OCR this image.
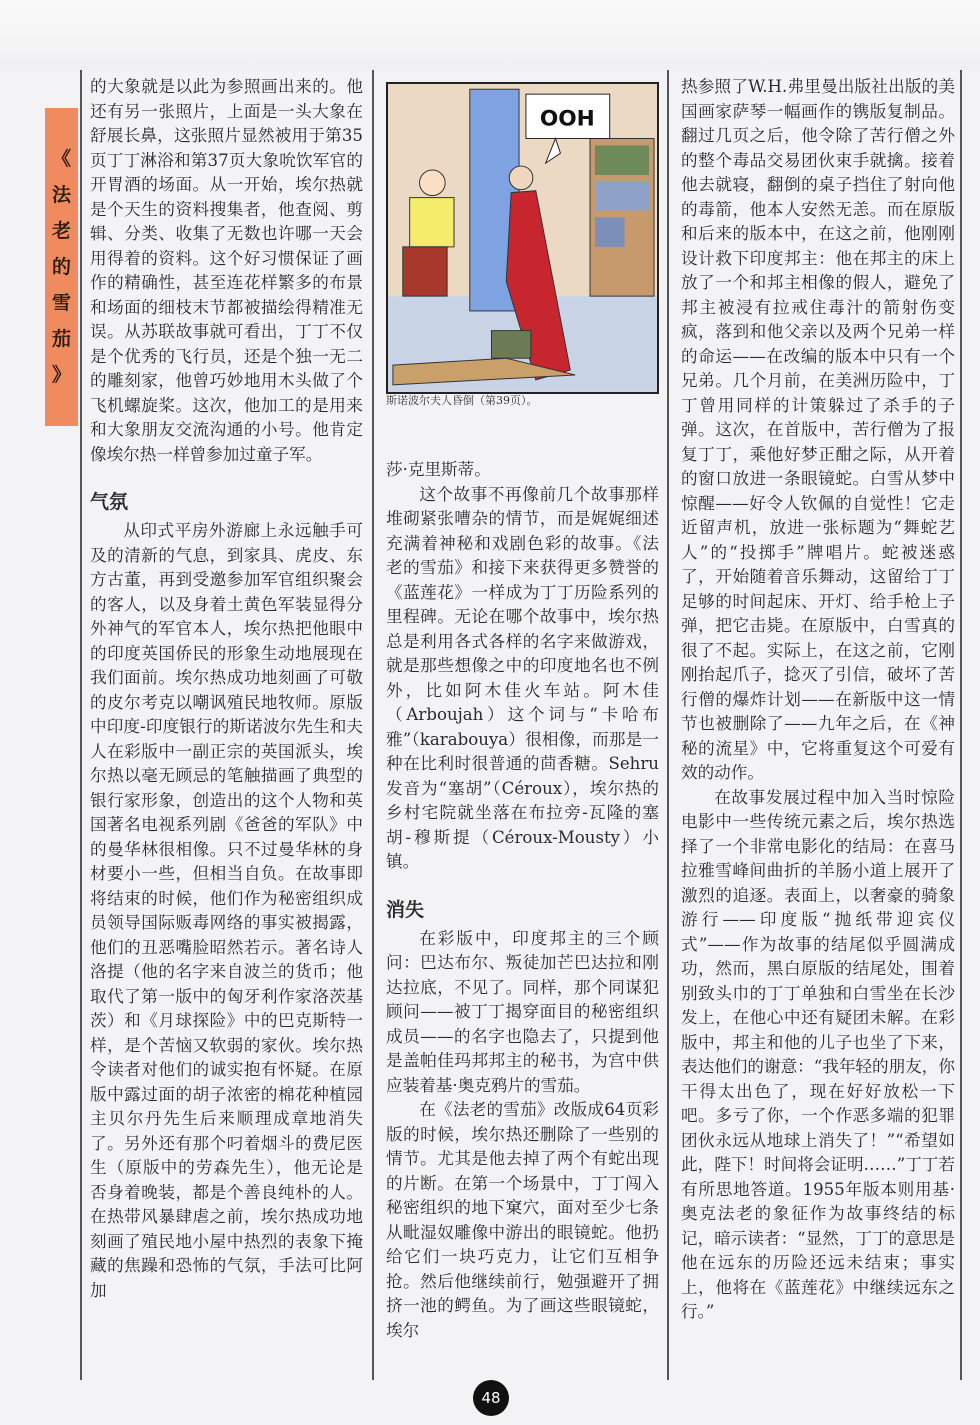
《
法
老
的
雪
茄
》

的大象就是以此为参照画出来的。他还有另一张照片，上面是一头大象在舒展长鼻，这张照片显然被用于第35页丁丁淋浴和第37页大象吮饮军官的开胃酒的场面。从一开始，埃尔热就是个天生的资料搜集者，他查阅、剪辑、分类、收集了无数也许哪一天会用得着的资料。这个好习惯保证了画作的精确性，甚至连花样繁多的布景和场面的细枝末节都被描绘得精准无误。从苏联故事就可看出，丁丁不仅是个优秀的飞行员，还是个独一无二的雕刻家，他曾巧妙地用木头做了个飞机螺旋桨。这次，他加工的是用来和大象朋友交流沟通的小号。他肯定像埃尔热一样曾参加过童子军。

气氛

从印式平房外游廊上永远触手可及的清新的气息，到家具、虎皮、东方古董，再到受邀参加军官组织聚会的客人，以及身着土黄色军装显得分外神气的军官本人，埃尔热把他眼中的印度英国侨民的形象生动地展现在我们面前。埃尔热成功地刻画了可敬的皮尔考克以嘲讽殖民地牧师。原版中印度-印度银行的斯诺波尔先生和夫人在彩版中一副正宗的英国派头，埃尔热以毫无顾忌的笔触描画了典型的银行家形象，创造出的这个人物和英国著名电视系列剧《爸爸的军队》中的曼华林很相像。只不过曼华林的身材要小一些，但相当自负。在故事即将结束的时候，他们作为秘密组织成员领导国际贩毒网络的事实被揭露，他们的丑恶嘴脸昭然若示。著名诗人洛提（他的名字来自波兰的货币；他取代了第一版中的匈牙利作家洛茨基茨）和《月球探险》中的巴克斯特一样，是个苦恼又软弱的家伙。埃尔热令读者对他们的诚实抱有怀疑。在原版中露过面的胡子浓密的棉花种植园主贝尔丹先生后来顺理成章地消失了。另外还有那个叼着烟斗的费尼医生（原版中的劳森先生），他无论是否身着晚装，都是个善良纯朴的人。在热带风暴肆虐之前，埃尔热成功地刻画了殖民地小屋中热烈的表象下掩藏的焦躁和恐怖的气氛，手法可比阿加

OOH

斯诺波尔夫人昏倒（第39页）。

莎·克里斯蒂。

这个故事不再像前几个故事那样堆砌紧张嘈杂的情节，而是娓娓细述充满着神秘和戏剧色彩的故事。《法老的雪茄》和接下来获得更多赞誉的《蓝莲花》一样成为丁丁历险系列的里程碑。无论在哪个故事中，埃尔热总是利用各式各样的名字来做游戏，就是那些想像之中的印度地名也不例外，比如阿木佳火车站。阿木佳（Arboujah）这个词与“卡哈布雅”（karabouya）很相像，而那是一种在比利时很普通的茴香糖。Sehru发音为“塞胡”（Céroux），埃尔热的乡村宅院就坐落在布拉旁-瓦隆的塞胡-穆斯提（Céroux-Mousty）小镇。

消失

在彩版中，印度邦主的三个顾问：巴达布尔、叛徒加芒巴达拉和刚达拉底，不见了。同样，那个同谋犯顾问——被丁丁揭穿面目的秘密组织成员——的名字也隐去了，只提到他是盖帕佳玛邦邦主的秘书，为宫中供应装着基·奥克鸦片的雪茄。

在《法老的雪茄》改版成64页彩版的时候，埃尔热还删除了一些别的情节。尤其是他去掉了两个有蛇出现的片断。在第一个场景中，丁丁闯入秘密组织的地下窠穴，面对至少七条从毗湿奴雕像中游出的眼镜蛇。他扔给它们一块巧克力，让它们互相争抢。然后他继续前行，勉强避开了拥挤一池的鳄鱼。为了画这些眼镜蛇，埃尔

热参照了W.H.弗里曼出版社出版的美国画家萨琴一幅画作的镌版复制品。翻过几页之后，他令除了苦行僧之外的整个毒品交易团伙束手就擒。接着他去就寝，翻倒的桌子挡住了射向他的毒箭，他本人安然无恙。而在原版和后来的版本中，在这之前，他刚刚设计救下印度邦主：他在邦主的床上放了一个和邦主相像的假人，避免了邦主被浸有拉戒住毒汁的箭射伤变疯，落到和他父亲以及两个兄弟一样的命运——在改编的版本中只有一个兄弟。几个月前，在美洲历险中，丁丁曾用同样的计策躲过了杀手的子弹。这次，在首版中，苦行僧为了报复丁丁，乘他好梦正酣之际，从开着的窗口放进一条眼镜蛇。白雪从梦中惊醒——好令人钦佩的自觉性！它走近留声机，放进一张标题为“舞蛇艺人”的“投掷手”牌唱片。蛇被迷惑了，开始随着音乐舞动，这留给丁丁足够的时间起床、开灯、给手枪上子弹，把它击毙。在原版中，白雪真的很了不起。实际上，在这之前，它刚刚抬起爪子，捻灭了引信，破坏了苦行僧的爆炸计划——在新版中这一情节也被删除了——九年之后，在《神秘的流星》中，它将重复这个可爱有效的动作。

在故事发展过程中加入当时惊险电影中一些传统元素之后，埃尔热选择了一个非常电影化的结局：在喜马拉雅雪峰间曲折的羊肠小道上展开了激烈的追逐。表面上，以奢豪的骑象游行——印度版“抛纸带迎宾仪式”——作为故事的结尾似乎圆满成功，然而，黑白原版的结尾处，围着别致头巾的丁丁单独和白雪坐在长沙发上，在他心中还有疑团未解。在彩版中，邦主和他的儿子也坐了下来，表达他们的谢意：“我年轻的朋友，你干得太出色了，现在好好放松一下吧。多亏了你，一个作恶多端的犯罪团伙永远从地球上消失了！”“希望如此，陛下！时间将会证明……”丁丁若有所思地答道。1955年版本则用基·奥克法老的象征作为故事终结的标记，暗示读者：“显然，丁丁的意思是他在远东的历险还远未结束；事实上，他将在《蓝莲花》中继续远东之行。”

48
